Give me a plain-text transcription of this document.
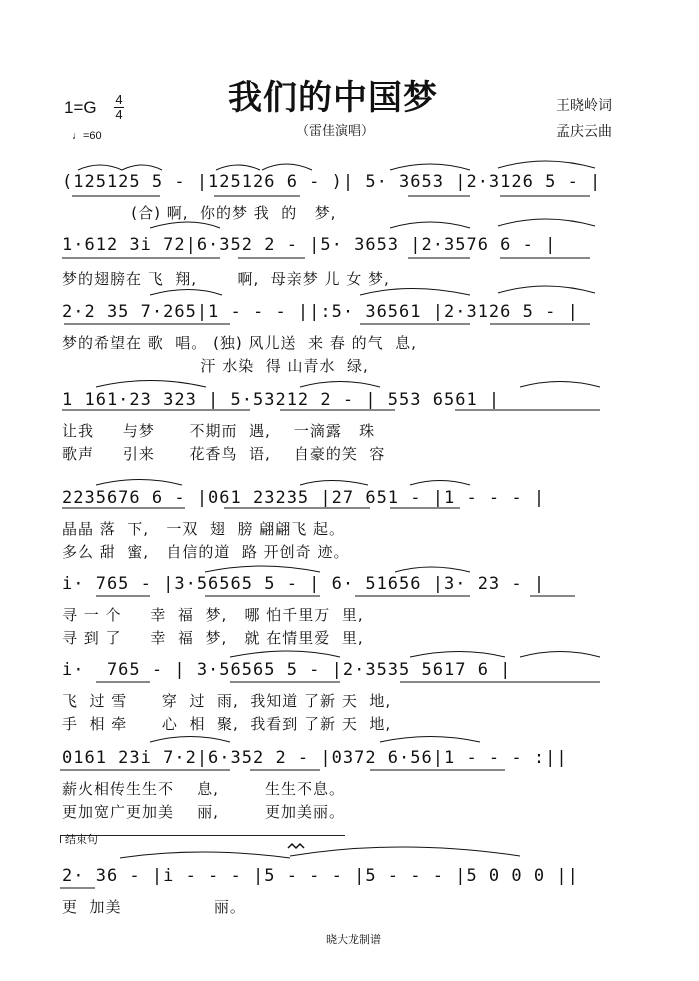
我们的中国梦
（雷佳演唱）
1=G 4
4
♩=60
王晓岭词
孟庆云曲
(125125 5 - |125126 6 - )| 5· 3653 |2·3126 5 - |
(合) 啊,  你的梦 我  的   梦,
1·612 3i 72|6·352 2 - |5· 3653 |2·3576 6 - |
梦的翅膀在 飞  翔,       啊,  母亲梦 儿 女 梦,
2·2 35 7·265|1 - - - ||:5· 36561 |2·3126 5 - |
梦的希望在 歌  唱。 (独) 风儿送  来 春 的气  息,
汗 水染  得 山青水  绿,
1 161·23 323 | 5·53212 2 - | 553 6561 |
让我     与梦      不期而  遇,    一滴露   珠
歌声     引来      花香鸟  语,    自豪的笑  容
2235676 6 - |061 23235 |27 651 - |1 - - - |
晶晶 落  下,   一双  翅  膀 翩翩飞 起。
多么 甜  蜜,   自信的道  路 开创奇 迹。
i· 765 - |3·56565 5 - | 6· 51656 |3· 23 - |
寻 一 个     幸  福  梦,   哪 怕千里万  里,
寻 到 了     幸  福  梦,   就 在情里爱  里,
i·  765 - | 3·56565 5 - |2·3535 5617 6 |
飞  过 雪      穿  过  雨,  我知道 了新 天  地,
手  相 牵      心  相  聚,  我看到 了新 天  地,
0161 23i 7·2|6·352 2 - |0372 6·56|1 - - - :||
薪火相传生生不    息,        生生不息。
更加宽广更加美    丽,        更加美丽。
结束句
2· 36 - |i - - - |5 - - - |5 - - - |5 0 0 0 ||
更  加美                丽。
晓大龙制谱
